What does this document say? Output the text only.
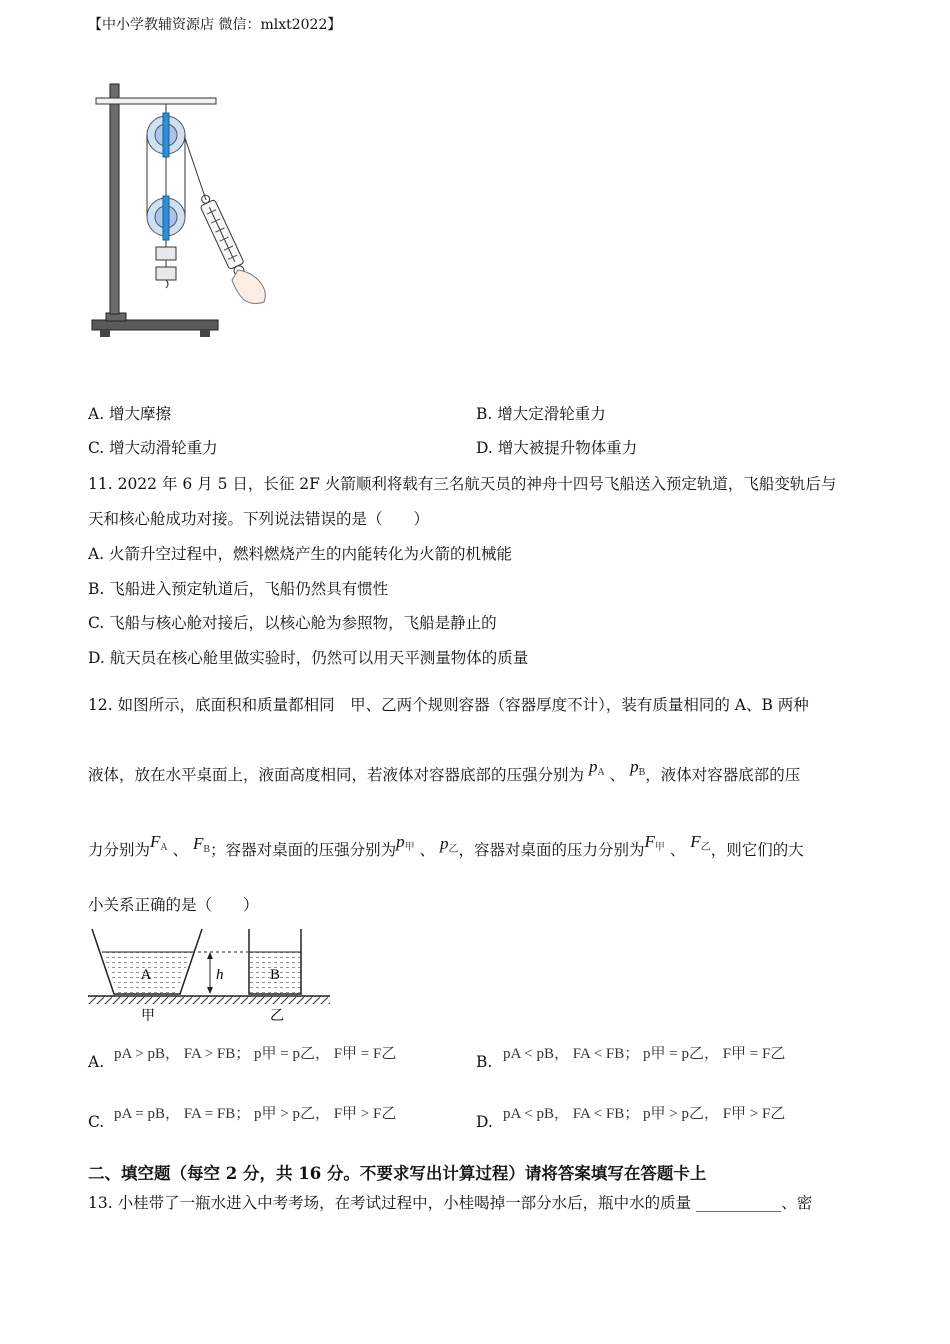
【中小学教辅资源店 微信：mlxt2022】
A. 增大摩擦	B. 增大定滑轮重力
C. 增大动滑轮重力	D. 增大被提升物体重力
11. 2022 年 6 月 5 日，长征 2F 火箭顺利将载有三名航天员的神舟十四号飞船送入预定轨道，飞船变轨后与
天和核心舱成功对接。下列说法错误的是（　　）
A. 火箭升空过程中，燃料燃烧产生的内能转化为火箭的机械能
B. 飞船进入预定轨道后，飞船仍然具有惯性
C. 飞船与核心舱对接后，以核心舱为参照物，飞船是静止的
D. 航天员在核心舱里做实验时，仍然可以用天平测量物体的质量
12. 如图所示，底面积和质量都相同　甲、乙两个规则容器（容器厚度不计），装有质量相同的 A、B 两种
液体，放在水平桌面上，液面高度相同，若液体对容器底部的压强分别为 $p_A$ 、 $p_B$，液体对容器底部的压
力分别为$F_A$ 、 $F_B$；容器对桌面的压强分别为$p_甲$ 、 $p_乙$，容器对桌面的压力分别为$F_甲$ 、 $F_乙$，则它们的大
小关系正确的是（　　）
A	h	B
甲	乙
A. pA > pB， FA > FB； p甲 = p乙， F甲 = F乙	B. pA < pB， FA < FB； p甲 = p乙， F甲 = F乙
C. pA = pB， FA = FB； p甲 > p乙， F甲 > F乙	D. pA < pB， FA < FB； p甲 > p乙， F甲 > F乙
二、填空题（每空 2 分，共 16 分。不要求写出计算过程）请将答案填写在答题卡上
13. 小桂带了一瓶水进入中考考场，在考试过程中，小桂喝掉一部分水后，瓶中水的质量 ___________、密
